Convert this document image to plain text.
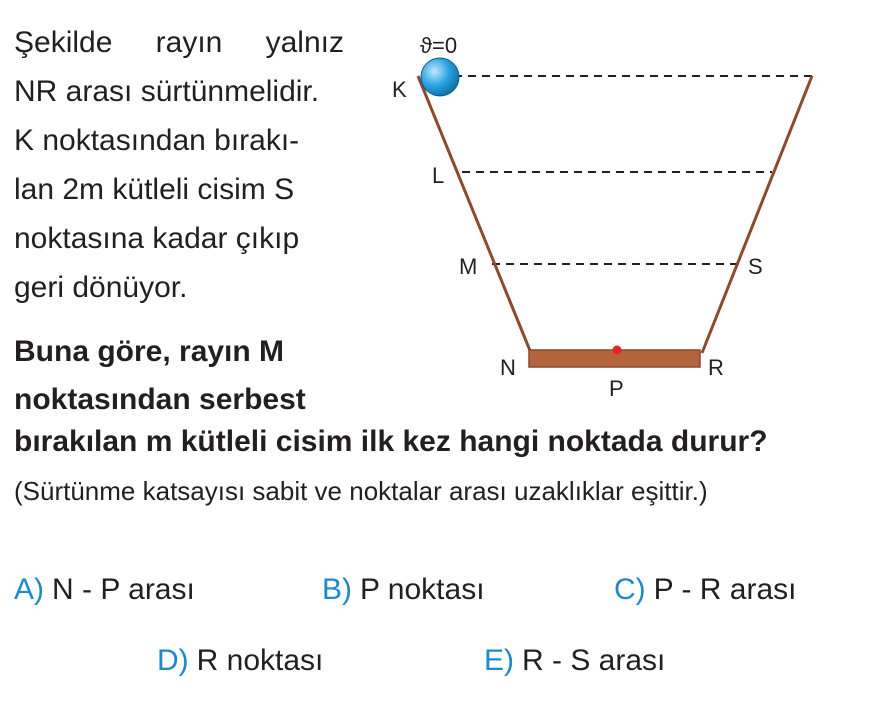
Şekilde rayın yalnız
NR arası sürtünmelidir.
K noktasından bırakı-
lan 2m kütleli cisim S
noktasına kadar çıkıp
geri dönüyor.
Buna göre, rayın M
noktasından serbest

bırakılan m kütleli cisim ilk kez hangi noktada durur?

(Sürtünme katsayısı sabit ve noktalar arası uzaklıklar eşittir.)

ϑ=0
K
L
M	S
N	R
P
A) N - P arası	B) P noktası	C) P - R arası
D) R noktası	E) R - S arası
